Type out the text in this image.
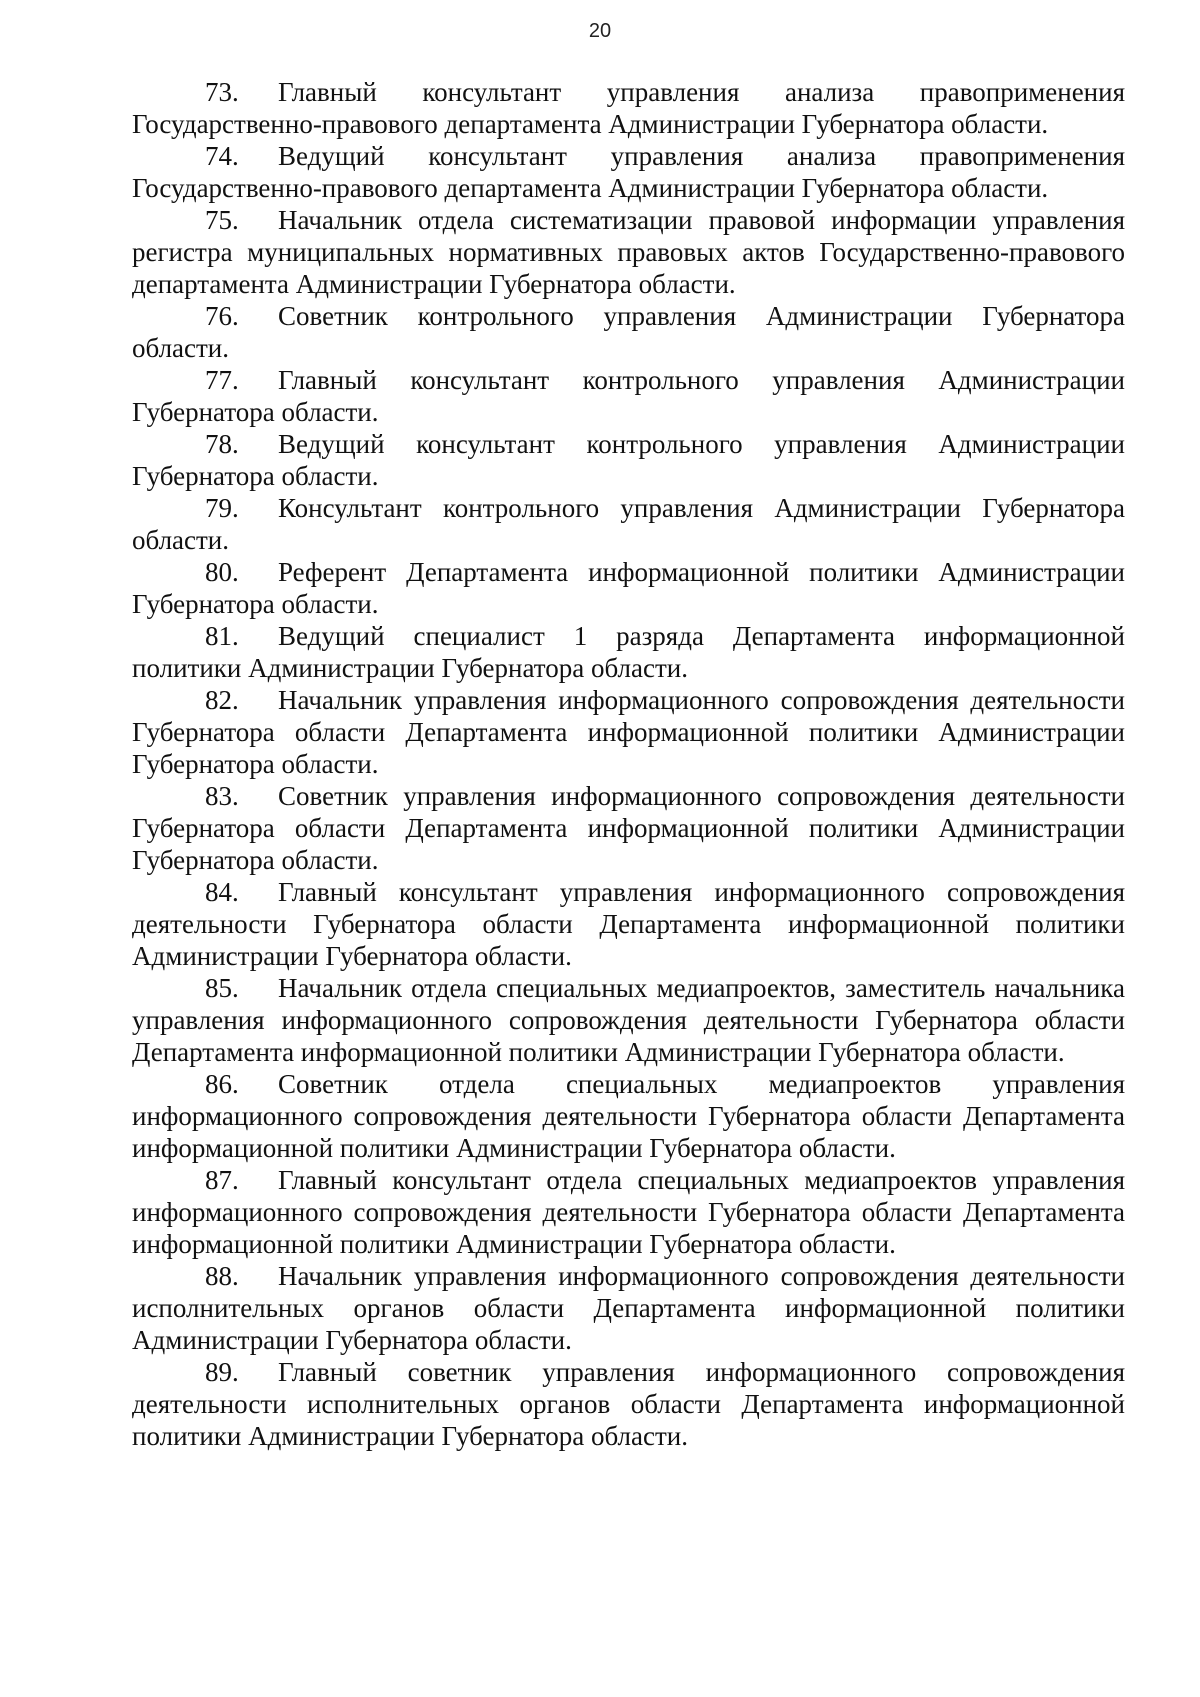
20

73. Главный консультант управления анализа правоприменения Государственно-правового департамента Администрации Губернатора области.

74. Ведущий консультант управления анализа правоприменения Государственно-правового департамента Администрации Губернатора области.

75. Начальник отдела систематизации правовой информации управления регистра муниципальных нормативных правовых актов Государственно-правового департамента Администрации Губернатора области.

76. Советник контрольного управления Администрации Губернатора области.

77. Главный консультант контрольного управления Администрации Губернатора области.

78. Ведущий консультант контрольного управления Администрации Губернатора области.

79. Консультант контрольного управления Администрации Губернатора области.

80. Референт Департамента информационной политики Администрации Губернатора области.

81. Ведущий специалист 1 разряда Департамента информационной политики Администрации Губернатора области.

82. Начальник управления информационного сопровождения деятельности Губернатора области Департамента информационной политики Администрации Губернатора области.

83. Советник управления информационного сопровождения деятельности Губернатора области Департамента информационной политики Администрации Губернатора области.

84. Главный консультант управления информационного сопровождения деятельности Губернатора области Департамента информационной политики Администрации Губернатора области.

85. Начальник отдела специальных медиапроектов, заместитель начальника управления информационного сопровождения деятельности Губернатора области Департамента информационной политики Администрации Губернатора области.

86. Советник отдела специальных медиапроектов управления информационного сопровождения деятельности Губернатора области Департамента информационной политики Администрации Губернатора области.

87. Главный консультант отдела специальных медиапроектов управления информационного сопровождения деятельности Губернатора области Департамента информационной политики Администрации Губернатора области.

88. Начальник управления информационного сопровождения деятельности исполнительных органов области Департамента информационной политики Администрации Губернатора области.

89. Главный советник управления информационного сопровождения деятельности исполнительных органов области Департамента информационной политики Администрации Губернатора области.
